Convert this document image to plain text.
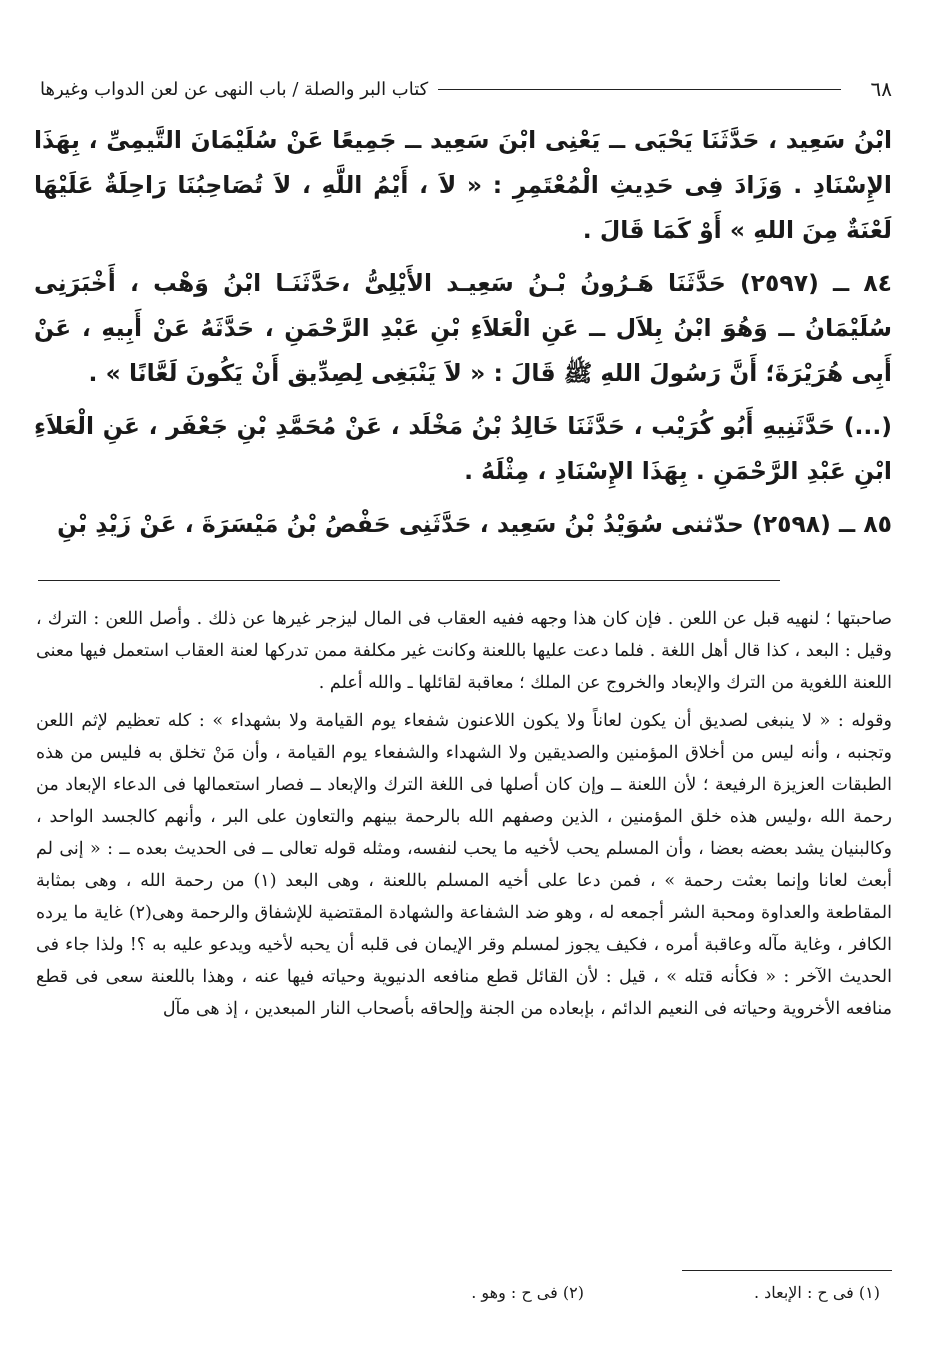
٦٨
كتاب البر والصلة / باب النهى عن لعن الدواب وغيرها

ابْنُ سَعِيد ، حَدَّثَنَا يَحْيَى ــ يَعْنِى ابْنَ سَعِيد ــ جَمِيعًا عَنْ سُلَيْمَانَ التَّيمِىِّ ، بِهَذَا الإِسْنَادِ . وَزَادَ فِى حَدِيثِ الْمُعْتَمِرِ : « لاَ ، أَيْمُ اللَّهِ ، لاَ تُصَاحِبُنَا رَاحِلَةٌ عَلَيْهَا لَعْنَةٌ مِنَ اللهِ » أَوْ كَمَا قَالَ .

٨٤ ــ (٢٥٩٧) حَدَّثَنَا هَـرُونُ بْـنُ سَعِيـد الأَيْلِىُّ ،حَدَّثَنَـا ابْنُ وَهْب ، أَخْبَرَنِى سُلَيْمَانُ ــ وَهُوَ ابْنُ بِلاَل ــ عَنِ الْعَلاَءِ بْنِ عَبْدِ الرَّحْمَنِ ، حَدَّثَهُ عَنْ أَبِيهِ ، عَنْ أَبِى هُرَيْرَةَ؛ أَنَّ رَسُولَ اللهِ ﷺ قَالَ : « لاَ يَنْبَغِى لِصِدِّيق أَنْ يَكُونَ لَعَّانًا » .

(...) حَدَّثَنِيهِ أَبُو كُرَيْب ، حَدَّثَنَا خَالِدُ بْنُ مَخْلَد ، عَنْ مُحَمَّدِ بْنِ جَعْفَر ، عَنِ الْعَلاَءِ ابْنِ عَبْدِ الرَّحْمَنِ . بِهَذَا الإِسْنَادِ ، مِثْلَهُ .

٨٥ ــ (٢٥٩٨) حدّثنى سُوَيْدُ بْنُ سَعِيد ، حَدَّثَنِى حَفْصُ بْنُ مَيْسَرَةَ ، عَنْ زَيْدِ بْنِ

صاحبتها ؛ لنهيه قبل عن اللعن . فإن كان هذا وجهه ففيه العقاب فى المال ليزجر غيرها عن ذلك . وأصل اللعن : الترك ، وقيل : البعد ، كذا قال أهل اللغة . فلما دعت عليها باللعنة وكانت غير مكلفة ممن تدركها لعنة العقاب استعمل فيها معنى اللعنة اللغوية من الترك والإبعاد والخروج عن الملك ؛ معاقبة لقائلها ـ والله أعلم .

وقوله : « لا ينبغى لصديق أن يكون لعاناً ولا يكون اللاعنون شفعاء يوم القيامة ولا بشهداء » : كله تعظيم لإثم اللعن وتجنبه ، وأنه ليس من أخلاق المؤمنين والصديقين ولا الشهداء والشفعاء يوم القيامة ، وأن مَنْ تخلق به فليس من هذه الطبقات العزيزة الرفيعة ؛ لأن اللعنة ــ وإن كان أصلها فى اللغة الترك والإبعاد ــ فصار استعمالها فى الدعاء الإبعاد من رحمة الله ،وليس هذه خلق المؤمنين ، الذين وصفهم الله بالرحمة بينهم والتعاون على البر ، وأنهم كالجسد الواحد ، وكالبنيان يشد بعضه بعضا ، وأن المسلم يحب لأخيه ما يحب لنفسه، ومثله قوله تعالى ــ فى الحديث بعده ــ : « إنى لم أبعث لعانا وإنما بعثت رحمة » ، فمن دعا على أخيه المسلم باللعنة ، وهى البعد (١) من رحمة الله ، وهى بمثابة المقاطعة والعداوة ومحبة الشر أجمعه له ، وهو ضد الشفاعة والشهادة المقتضية للإشفاق والرحمة وهى(٢) غاية ما يرده الكافر ، وغاية مآله وعاقبة أمره ، فكيف يجوز لمسلم وقر الإيمان فى قلبه أن يحبه لأخيه ويدعو عليه به ؟! ولذا جاء فى الحديث الآخر : « فكأنه قتله » ، قيل : لأن القائل قطع منافعه الدنيوية وحياته فيها عنه ، وهذا باللعنة سعى فى قطع منافعه الأخروية وحياته فى النعيم الدائم ، بإبعاده من الجنة وإلحاقه بأصحاب النار المبعدين ، إذ هى مآل

(١) فى ح : الإبعاد .
(٢) فى ح : وهو .
